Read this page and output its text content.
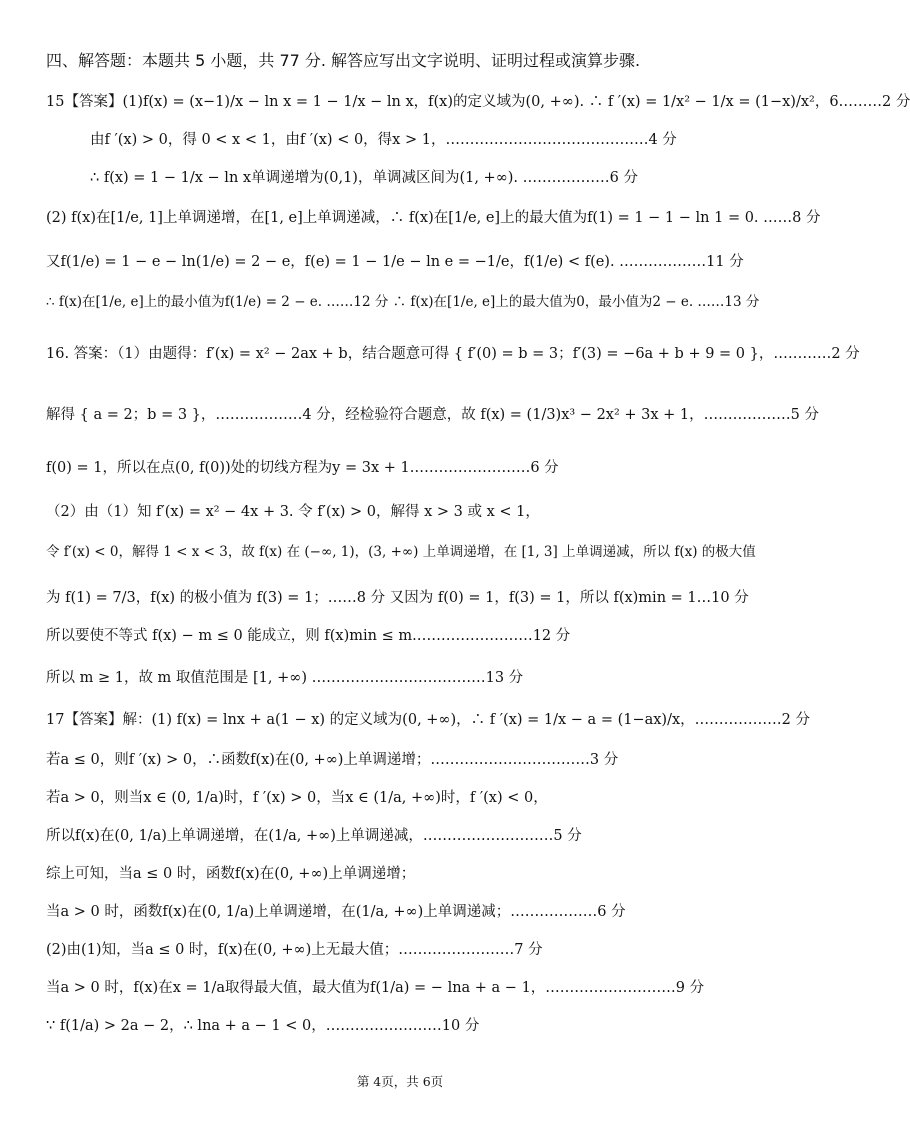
四、解答题：本题共 5 小题，共 77 分. 解答应写出文字说明、证明过程或演算步骤.
15【答案】(1)f(x) = (x−1)/x − ln x = 1 − 1/x − ln x，f(x)的定义域为(0, +∞). ∴ f ′(x) = 1/x² − 1/x = (1−x)/x²，6………2 分
由f ′(x) > 0，得 0 < x < 1，由f ′(x) < 0，得x > 1，……………………………………4 分
∴ f(x) = 1 − 1/x − ln x单调递增为(0,1)，单调减区间为(1, +∞). ………………6 分
(2) f(x)在[1/e, 1]上单调递增，在[1, e]上单调递减，∴ f(x)在[1/e, e]上的最大值为f(1) = 1 − 1 − ln 1 = 0. ……8 分
又f(1/e) = 1 − e − ln(1/e) = 2 − e，f(e) = 1 − 1/e − ln e = −1/e，f(1/e) < f(e). ………………11 分
∴ f(x)在[1/e, e]上的最小值为f(1/e) = 2 − e. ……12 分 ∴ f(x)在[1/e, e]上的最大值为0，最小值为2 − e. ……13 分
16. 答案：（1）由题得：f′(x) = x² − 2ax + b，结合题意可得 { f′(0) = b = 3；f′(3) = −6a + b + 9 = 0 }，…………2 分
解得 { a = 2；b = 3 }，………………4 分，经检验符合题意，故 f(x) = (1/3)x³ − 2x² + 3x + 1，………………5 分
f(0) = 1，所以在点(0, f(0))处的切线方程为y = 3x + 1.……………………6 分
（2）由（1）知 f′(x) = x² − 4x + 3. 令 f′(x) > 0，解得 x > 3 或 x < 1，
令 f′(x) < 0，解得 1 < x < 3，故 f(x) 在 (−∞, 1)，(3, +∞) 上单调递增，在 [1, 3] 上单调递减，所以 f(x) 的极大值
为 f(1) = 7/3，f(x) 的极小值为 f(3) = 1；……8 分 又因为 f(0) = 1，f(3) = 1，所以 f(x)min = 1…10 分
所以要使不等式 f(x) − m ≤ 0 能成立，则 f(x)min ≤ m.……………………12 分
所以 m ≥ 1，故 m 取值范围是 [1, +∞) ………………………………13 分
17【答案】解：(1) f(x) = lnx + a(1 − x) 的定义域为(0, +∞)，∴ f ′(x) = 1/x − a = (1−ax)/x，………………2 分
若a ≤ 0，则f ′(x) > 0，∴函数f(x)在(0, +∞)上单调递增；……………………………3 分
若a > 0，则当x ∈ (0, 1/a)时，f ′(x) > 0，当x ∈ (1/a, +∞)时，f ′(x) < 0，
所以f(x)在(0, 1/a)上单调递增，在(1/a, +∞)上单调递减，………………………5 分
综上可知，当a ≤ 0 时，函数f(x)在(0, +∞)上单调递增；
当a > 0 时，函数f(x)在(0, 1/a)上单调递增，在(1/a, +∞)上单调递减；………………6 分
(2)由(1)知，当a ≤ 0 时，f(x)在(0, +∞)上无最大值；……………………7 分
当a > 0 时，f(x)在x = 1/a取得最大值，最大值为f(1/a) = − lna + a − 1，………………………9 分
∵ f(1/a) > 2a − 2，∴ lna + a − 1 < 0，……………………10 分
第 4页，共 6页
